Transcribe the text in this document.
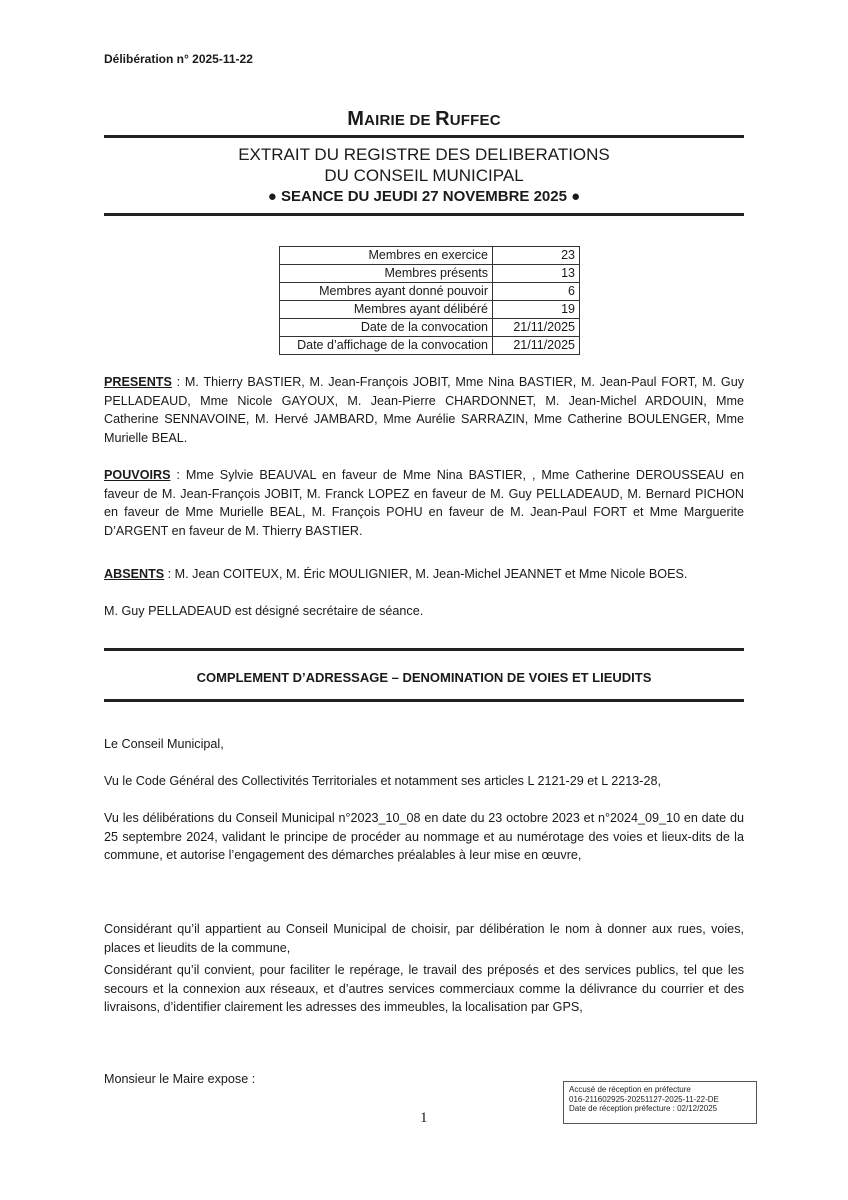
Délibération n° 2025-11-22
MAIRIE DE RUFFEC
EXTRAIT DU REGISTRE DES DELIBERATIONS
DU CONSEIL MUNICIPAL
● SEANCE DU JEUDI 27 NOVEMBRE 2025 ●
Membres en exercice	23
Membres présents	13
Membres ayant donné pouvoir	6
Membres ayant délibéré	19
Date de la convocation	21/11/2025
Date d’affichage de la convocation	21/11/2025
PRESENTS : M. Thierry BASTIER, M. Jean-François JOBIT, Mme Nina BASTIER, M. Jean-Paul FORT, M. Guy PELLADEAUD, Mme Nicole GAYOUX, M. Jean-Pierre CHARDONNET, M. Jean-Michel ARDOUIN, Mme Catherine SENNAVOINE, M. Hervé JAMBARD, Mme Aurélie SARRAZIN, Mme Catherine BOULENGER, Mme Murielle BEAL.
POUVOIRS : Mme Sylvie BEAUVAL en faveur de Mme Nina BASTIER, , Mme Catherine DEROUSSEAU en faveur de M. Jean-François JOBIT, M. Franck LOPEZ en faveur de M. Guy PELLADEAUD, M. Bernard PICHON en faveur de Mme Murielle BEAL, M. François POHU en faveur de M. Jean-Paul FORT et Mme Marguerite D’ARGENT en faveur de M. Thierry BASTIER.
ABSENTS : M. Jean COITEUX, M. Éric MOULIGNIER, M. Jean-Michel JEANNET et Mme Nicole BOES.
M. Guy PELLADEAUD est désigné secrétaire de séance.
COMPLEMENT D’ADRESSAGE – DENOMINATION DE VOIES ET LIEUDITS
Le Conseil Municipal,
Vu le Code Général des Collectivités Territoriales et notamment ses articles L 2121-29 et L 2213-28,
Vu les délibérations du Conseil Municipal n°2023_10_08 en date du 23 octobre 2023 et n°2024_09_10 en date du 25 septembre 2024, validant le principe de procéder au nommage et au numérotage des voies et lieux-dits de la commune, et autorise l’engagement des démarches préalables à leur mise en œuvre,
Considérant qu’il appartient au Conseil Municipal de choisir, par délibération le nom à donner aux rues, voies, places et lieudits de la commune,
Considérant qu’il convient, pour faciliter le repérage, le travail des préposés et des services publics, tel que les secours et la connexion aux réseaux, et d’autres services commerciaux comme la délivrance du courrier et des livraisons, d’identifier clairement les adresses des immeubles, la localisation par GPS,
Monsieur le Maire expose :
Accusé de réception en préfecture
016-211602925-20251127-2025-11-22-DE
Date de réception préfecture : 02/12/2025
1
